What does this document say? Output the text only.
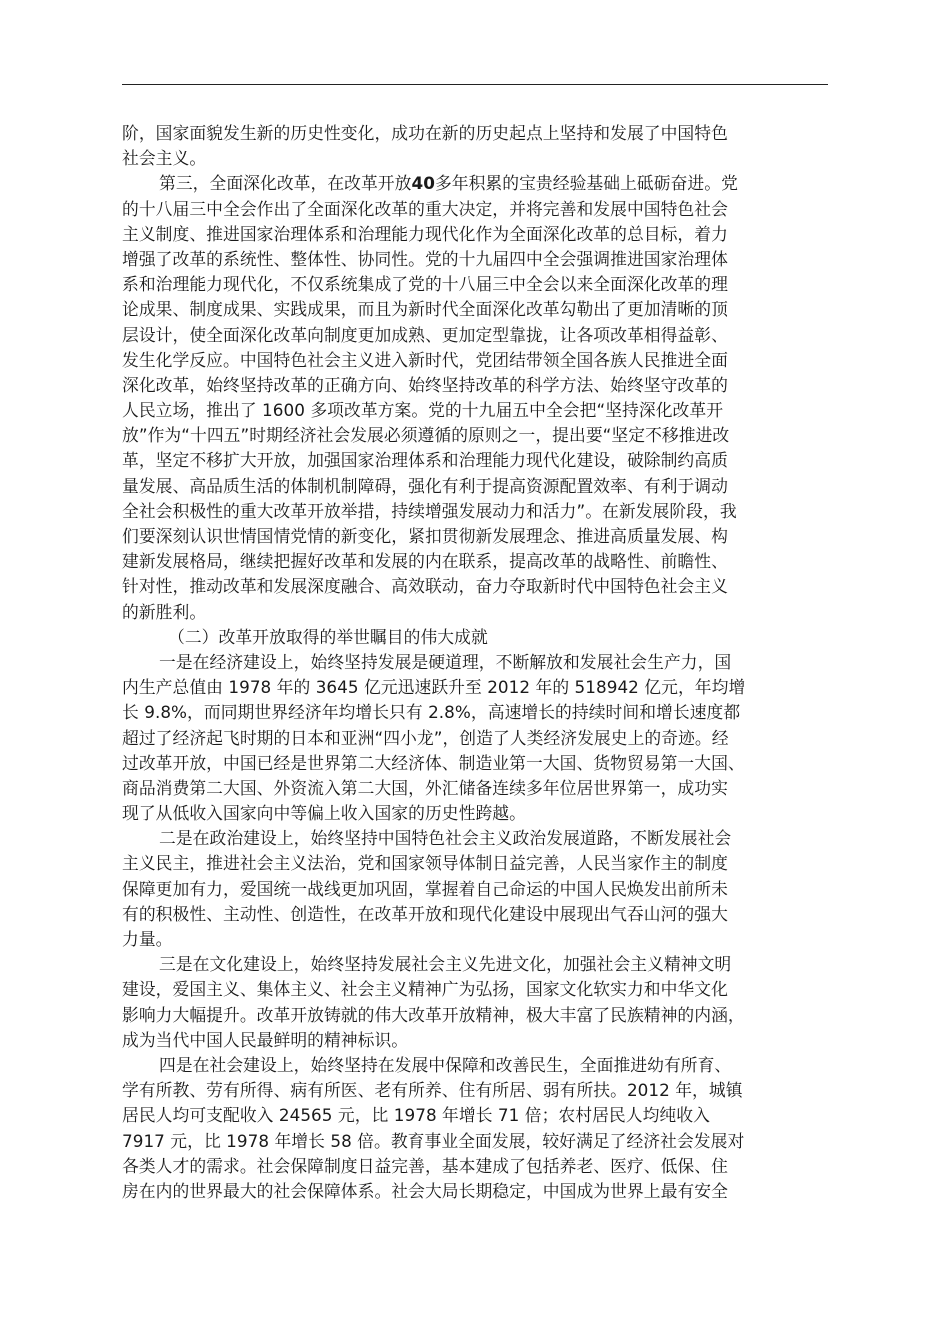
阶，国家面貌发生新的历史性变化，成功在新的历史起点上坚持和发展了中国特色
社会主义。
第三，全面深化改革，在改革开放40多年积累的宝贵经验基础上砥砺奋进。党
的十八届三中全会作出了全面深化改革的重大决定，并将完善和发展中国特色社会
主义制度、推进国家治理体系和治理能力现代化作为全面深化改革的总目标，着力
增强了改革的系统性、整体性、协同性。党的十九届四中全会强调推进国家治理体
系和治理能力现代化，不仅系统集成了党的十八届三中全会以来全面深化改革的理
论成果、制度成果、实践成果，而且为新时代全面深化改革勾勒出了更加清晰的顶
层设计，使全面深化改革向制度更加成熟、更加定型靠拢，让各项改革相得益彰、
发生化学反应。中国特色社会主义进入新时代，党团结带领全国各族人民推进全面
深化改革，始终坚持改革的正确方向、始终坚持改革的科学方法、始终坚守改革的
人民立场，推出了 1600 多项改革方案。党的十九届五中全会把“坚持深化改革开
放”作为“十四五”时期经济社会发展必须遵循的原则之一，提出要“坚定不移推进改
革，坚定不移扩大开放，加强国家治理体系和治理能力现代化建设，破除制约高质
量发展、高品质生活的体制机制障碍，强化有利于提高资源配置效率、有利于调动
全社会积极性的重大改革开放举措，持续增强发展动力和活力”。在新发展阶段，我
们要深刻认识世情国情党情的新变化，紧扣贯彻新发展理念、推进高质量发展、构
建新发展格局，继续把握好改革和发展的内在联系，提高改革的战略性、前瞻性、
针对性，推动改革和发展深度融合、高效联动，奋力夺取新时代中国特色社会主义
的新胜利。
（二）改革开放取得的举世瞩目的伟大成就
一是在经济建设上，始终坚持发展是硬道理，不断解放和发展社会生产力，国
内生产总值由 1978 年的 3645 亿元迅速跃升至 2012 年的 518942 亿元，年均增
长 9.8%，而同期世界经济年均增长只有 2.8%，高速增长的持续时间和增长速度都
超过了经济起飞时期的日本和亚洲“四小龙”，创造了人类经济发展史上的奇迹。经
过改革开放，中国已经是世界第二大经济体、制造业第一大国、货物贸易第一大国、
商品消费第二大国、外资流入第二大国，外汇储备连续多年位居世界第一，成功实
现了从低收入国家向中等偏上收入国家的历史性跨越。
二是在政治建设上，始终坚持中国特色社会主义政治发展道路，不断发展社会
主义民主，推进社会主义法治，党和国家领导体制日益完善，人民当家作主的制度
保障更加有力，爱国统一战线更加巩固，掌握着自己命运的中国人民焕发出前所未
有的积极性、主动性、创造性，在改革开放和现代化建设中展现出气吞山河的强大
力量。
三是在文化建设上，始终坚持发展社会主义先进文化，加强社会主义精神文明
建设，爱国主义、集体主义、社会主义精神广为弘扬，国家文化软实力和中华文化
影响力大幅提升。改革开放铸就的伟大改革开放精神，极大丰富了民族精神的内涵，
成为当代中国人民最鲜明的精神标识。
四是在社会建设上，始终坚持在发展中保障和改善民生，全面推进幼有所育、
学有所教、劳有所得、病有所医、老有所养、住有所居、弱有所扶。2012 年，城镇
居民人均可支配收入 24565 元，比 1978 年增长 71 倍；农村居民人均纯收入
7917 元，比 1978 年增长 58 倍。教育事业全面发展，较好满足了经济社会发展对
各类人才的需求。社会保障制度日益完善，基本建成了包括养老、医疗、低保、住
房在内的世界最大的社会保障体系。社会大局长期稳定，中国成为世界上最有安全
